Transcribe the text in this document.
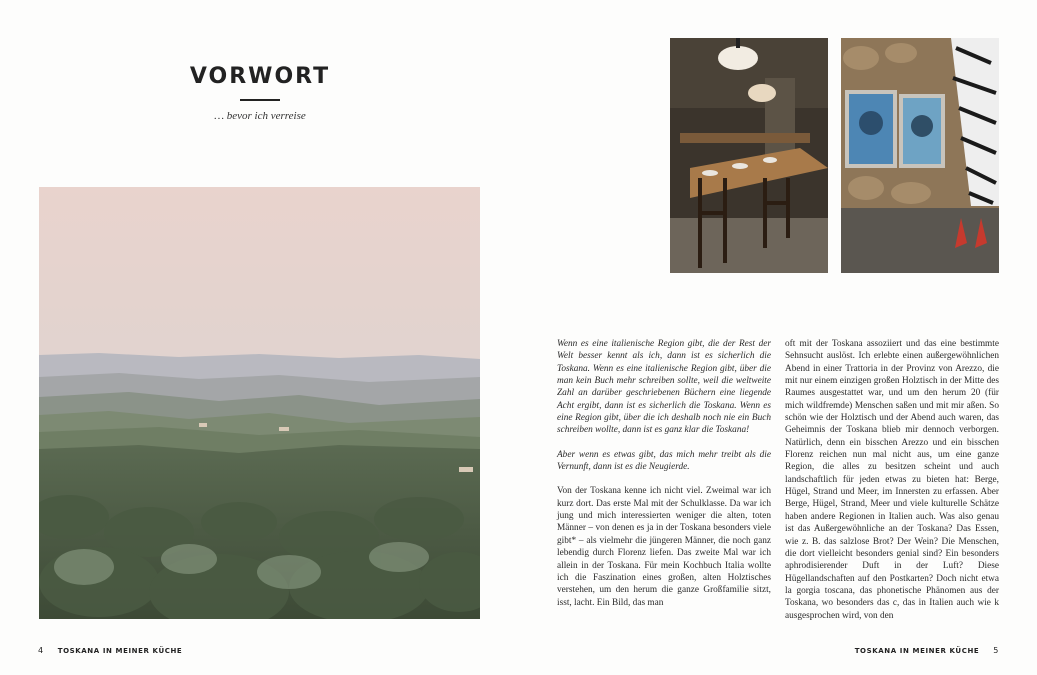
VORWORT
… bevor ich verreise
4 TOSKANA IN MEINER KÜCHE

Wenn es eine italienische Region gibt, die der Rest der Welt besser kennt als ich, dann ist es sicherlich die Toskana. Wenn es eine italienische Region gibt, über die man kein Buch mehr schreiben sollte, weil die weltweite Zahl an darüber geschriebenen Büchern eine liegende Acht ergibt, dann ist es sicherlich die Toskana. Wenn es eine Region gibt, über die ich deshalb noch nie ein Buch schreiben wollte, dann ist es ganz klar die Toskana!

Aber wenn es etwas gibt, das mich mehr treibt als die Vernunft, dann ist es die Neugierde.

Von der Toskana kenne ich nicht viel. Zweimal war ich kurz dort. Das erste Mal mit der Schulklasse. Da war ich jung und mich interessierten weniger die alten, toten Männer – von denen es ja in der Toskana besonders viele gibt* – als vielmehr die jüngeren Männer, die noch ganz lebendig durch Florenz liefen. Das zweite Mal war ich allein in der Toskana. Für mein Kochbuch Italia wollte ich die Faszination eines großen, alten Holztisches verstehen, um den herum die ganze Großfamilie sitzt, isst, lacht. Ein Bild, das man

oft mit der Toskana assoziiert und das eine bestimmte Sehnsucht auslöst. Ich erlebte einen außergewöhnlichen Abend in einer Trattoria in der Provinz von Arezzo, die mit nur einem einzigen großen Holztisch in der Mitte des Raumes ausgestattet war, und um den herum 20 (für mich wildfremde) Menschen saßen und mit mir aßen. So schön wie der Holztisch und der Abend auch waren, das Geheimnis der Toskana blieb mir dennoch verborgen. Natürlich, denn ein bisschen Arezzo und ein bisschen Florenz reichen nun mal nicht aus, um eine ganze Region, die alles zu besitzen scheint und auch landschaftlich für jeden etwas zu bieten hat: Berge, Hügel, Strand und Meer, im Innersten zu erfassen. Aber Berge, Hügel, Strand, Meer und viele kulturelle Schätze haben andere Regionen in Italien auch. Was also genau ist das Außergewöhnliche an der Toskana? Das Essen, wie z. B. das salzlose Brot? Der Wein? Die Menschen, die dort vielleicht besonders genial sind? Ein besonders aphrodisierender Duft in der Luft? Diese Hügellandschaften auf den Postkarten? Doch nicht etwa la gorgia toscana, das phonetische Phänomen aus der Toskana, wo besonders das c, das in Italien auch wie k ausgesprochen wird, von den

TOSKANA IN MEINER KÜCHE 5
